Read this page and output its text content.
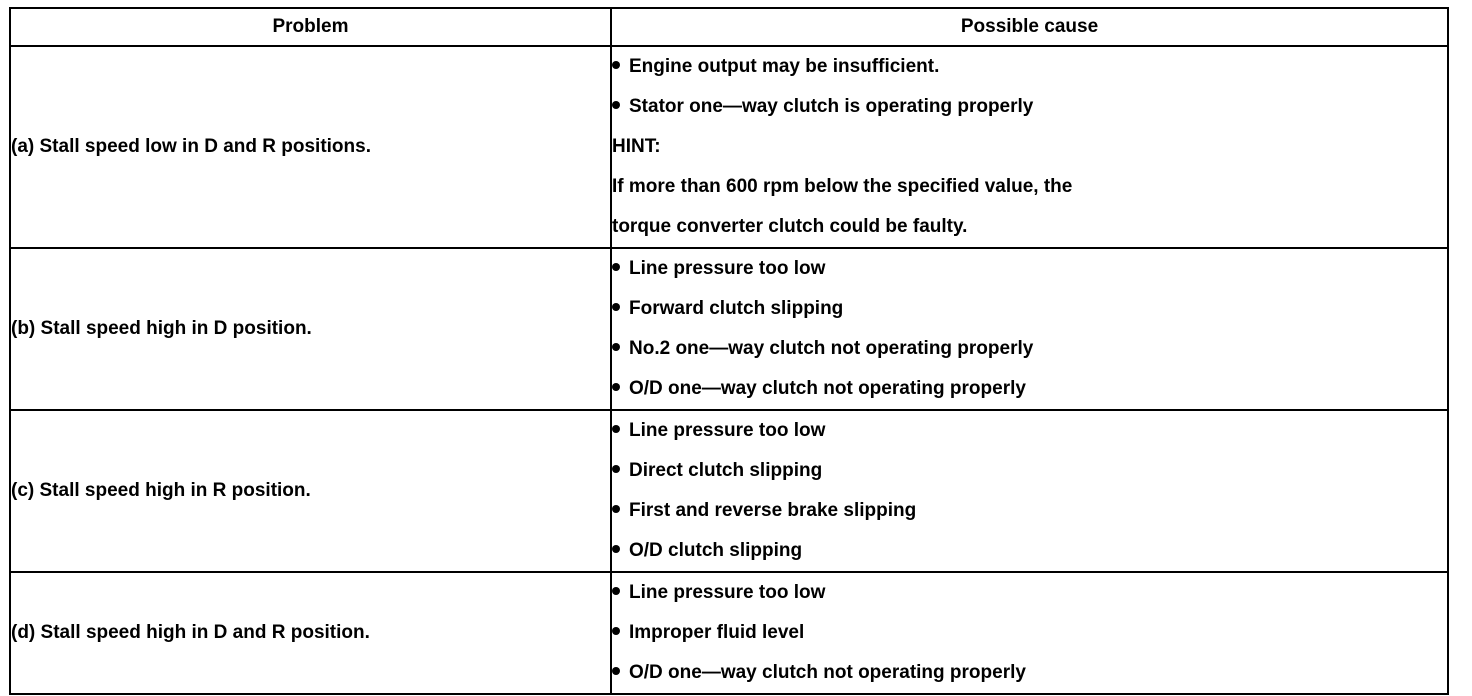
Problem	Possible cause
(a) Stall speed low in D and R positions.	Engine output may be insufficient.
Stator one—way clutch is operating properly
HINT:
If more than 600 rpm below the specified value, the
torque converter clutch could be faulty.

(b) Stall speed high in D position.	Line pressure too low
Forward clutch slipping
No.2 one—way clutch not operating properly
O/D one—way clutch not operating properly

(c) Stall speed high in R position.	Line pressure too low
Direct clutch slipping
First and reverse brake slipping
O/D clutch slipping

(d) Stall speed high in D and R position.	Line pressure too low
Improper fluid level
O/D one—way clutch not operating properly
